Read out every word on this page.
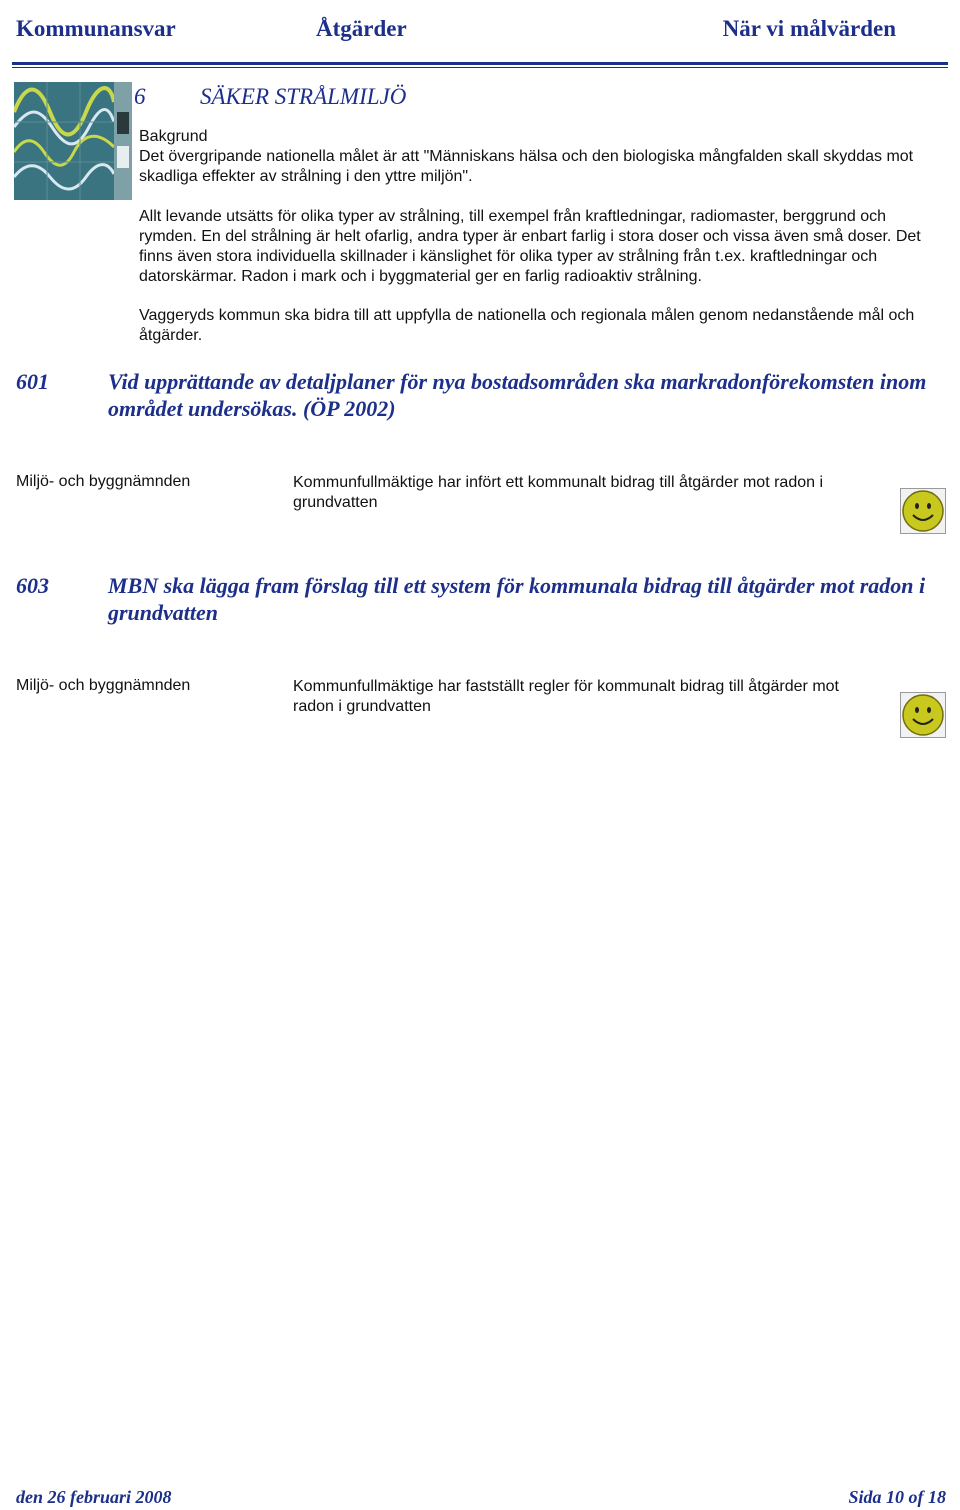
Kommunansvar	Åtgärder	När vi målvärden
6 SÄKER STRÅLMILJÖ

Bakgrund

Det övergripande nationella målet är att "Människans hälsa och den biologiska mångfalden skall skyddas mot skadliga effekter av strålning i den yttre miljön".

Allt levande utsätts för olika typer av strålning, till exempel från kraftledningar, radiomaster, berggrund och rymden. En del strålning är helt ofarlig, andra typer är enbart farlig i stora doser och vissa även små doser. Det finns även stora individuella skillnader i känslighet för olika typer av strålning från t.ex. kraftledningar och datorskärmar. Radon i mark och i byggmaterial ger en farlig radioaktiv strålning.

Vaggeryds kommun ska bidra till att uppfylla de nationella och regionala målen genom nedanstående mål och åtgärder.

601	Vid upprättande av detaljplaner för nya bostadsområden ska markradonförekomsten inom området undersökas. (ÖP 2002)
Miljö- och byggnämnden	Kommunfullmäktige har infört ett kommunalt bidrag till åtgärder mot radon i grundvatten
603	MBN ska lägga fram förslag till ett system för kommunala bidrag till åtgärder mot radon i grundvatten
Miljö- och byggnämnden	Kommunfullmäktige har fastställt regler för kommunalt bidrag till åtgärder mot radon i grundvatten
den 26 februari 2008	Sida 10 of 18
